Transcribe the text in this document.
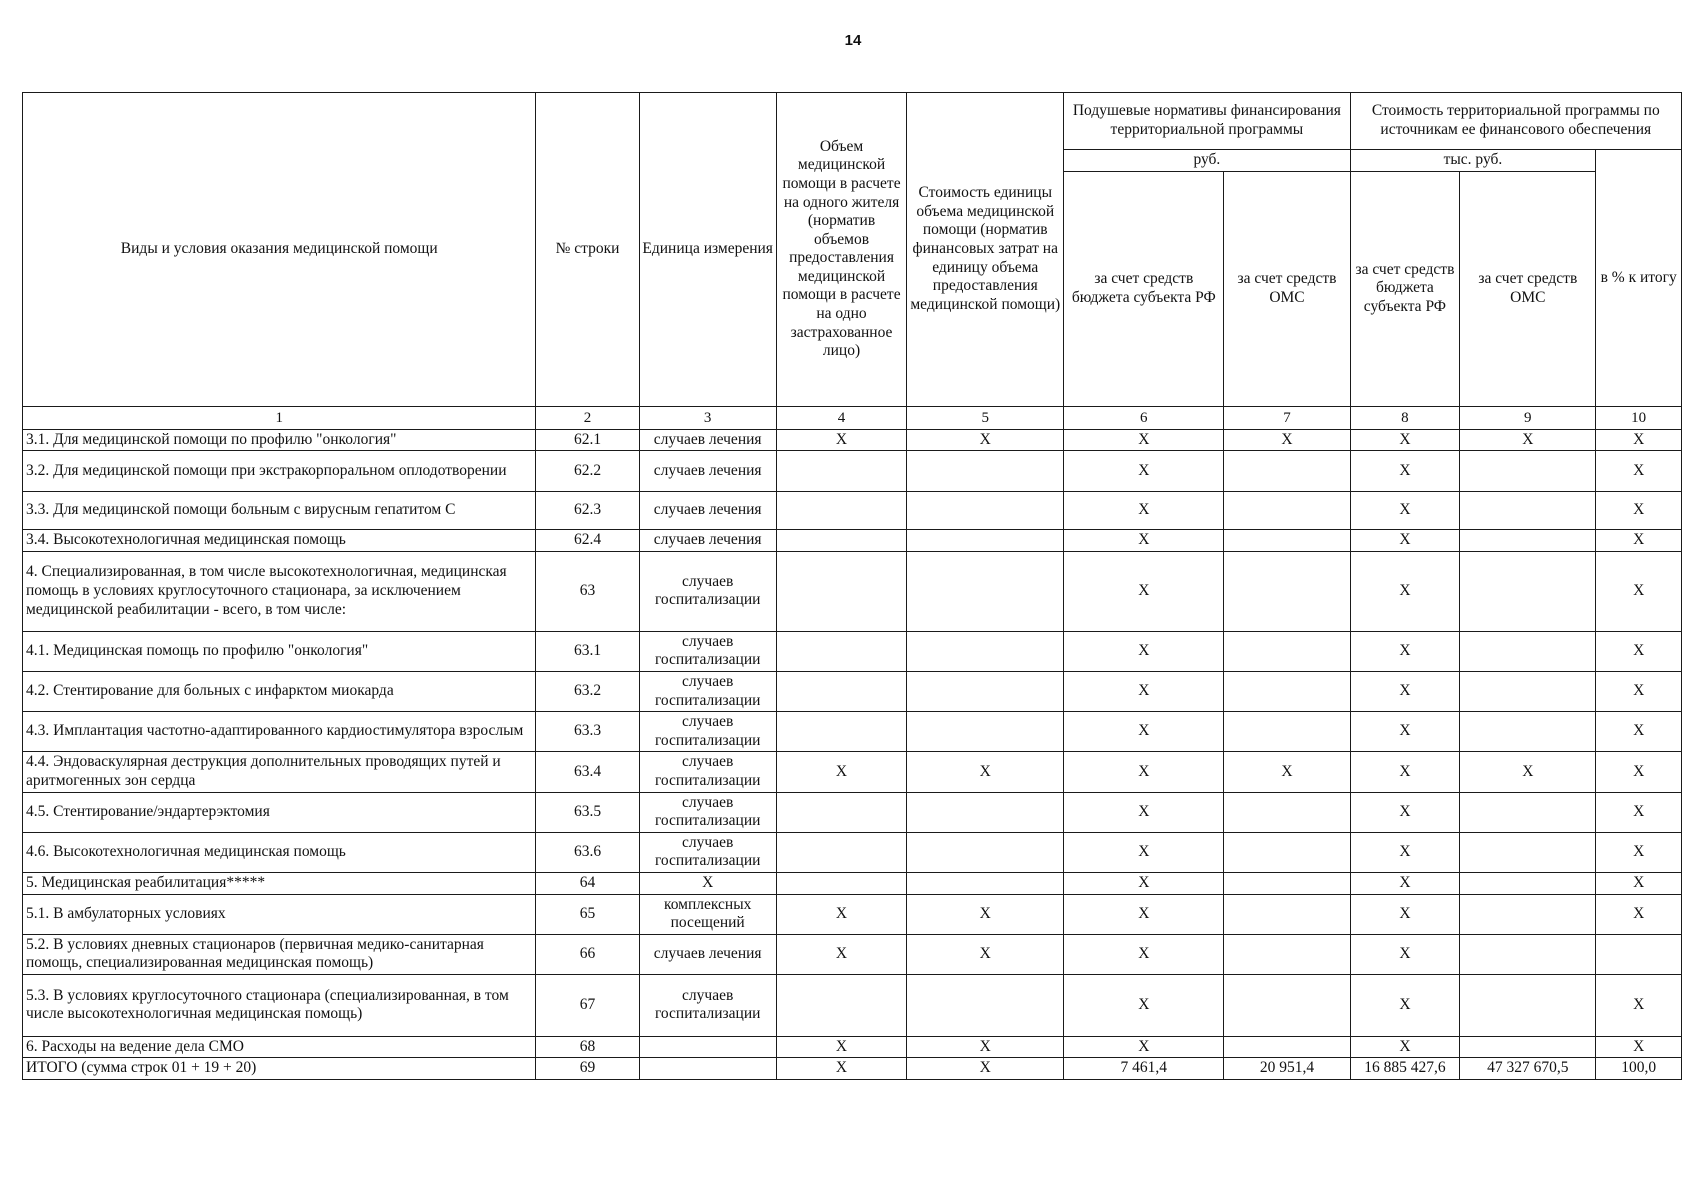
14
Виды и условия оказания медицинской помощи	№ строки	Единица измерения	Объем медицинской помощи в расчете на одного жителя (норматив объемов предоставления медицинской помощи в расчете на одно застрахованное лицо)	Стоимость единицы объема медицинской помощи (норматив финансовых затрат на единицу объема предоставления медицинской помощи)	Подушевые нормативы финансирования территориальной программы		Стоимость территориальной программы по источникам ее финансового обеспечения		
					руб.		тыс. руб.		в % к итогу
					за счет средств бюджета субъекта РФ	за счет средств ОМС	за счет средств бюджета субъекта РФ	за счет средств ОМС	
1	2	3	4	5	6	7	8	9	10
3.1. Для медицинской помощи по профилю "онкология"	62.1	случаев лечения	X	X	X	X	X	X	X
3.2. Для медицинской помощи при экстракорпоральном оплодотворении	62.2	случаев лечения			X		X		X
3.3. Для медицинской помощи больным с вирусным гепатитом С	62.3	случаев лечения			X		X		X
3.4. Высокотехнологичная медицинская помощь	62.4	случаев лечения			X		X		X
4. Специализированная, в том числе высокотехнологичная, медицинская помощь в условиях круглосуточного стационара, за исключением медицинской реабилитации - всего, в том числе:	63	случаев госпитализации			X		X		X
4.1. Медицинская помощь по профилю "онкология"	63.1	случаев госпитализации			X		X		X
4.2. Стентирование для больных с инфарктом миокарда	63.2	случаев госпитализации			X		X		X
4.3. Имплантация частотно-адаптированного кардиостимулятора взрослым	63.3	случаев госпитализации			X		X		X
4.4. Эндоваскулярная деструкция дополнительных проводящих путей и аритмогенных зон сердца	63.4	случаев госпитализации	X	X	X	X	X	X	X
4.5. Стентирование/эндартерэктомия	63.5	случаев госпитализации			X		X		X
4.6. Высокотехнологичная медицинская помощь	63.6	случаев госпитализации			X		X		X
5. Медицинская реабилитация*****	64	X			X		X		X
5.1. В амбулаторных условиях	65	комплексных посещений	X	X	X		X		X
5.2. В условиях дневных стационаров (первичная медико-санитарная помощь, специализированная медицинская помощь)	66	случаев лечения	X	X	X		X		
5.3. В условиях круглосуточного стационара (специализированная, в том числе высокотехнологичная медицинская помощь)	67	случаев госпитализации			X		X		X
6. Расходы на ведение дела СМО	68		X	X	X		X		X
ИТОГО (сумма строк 01 + 19 + 20)	69		X	X	7 461,4	20 951,4	16 885 427,6	47 327 670,5	100,0
